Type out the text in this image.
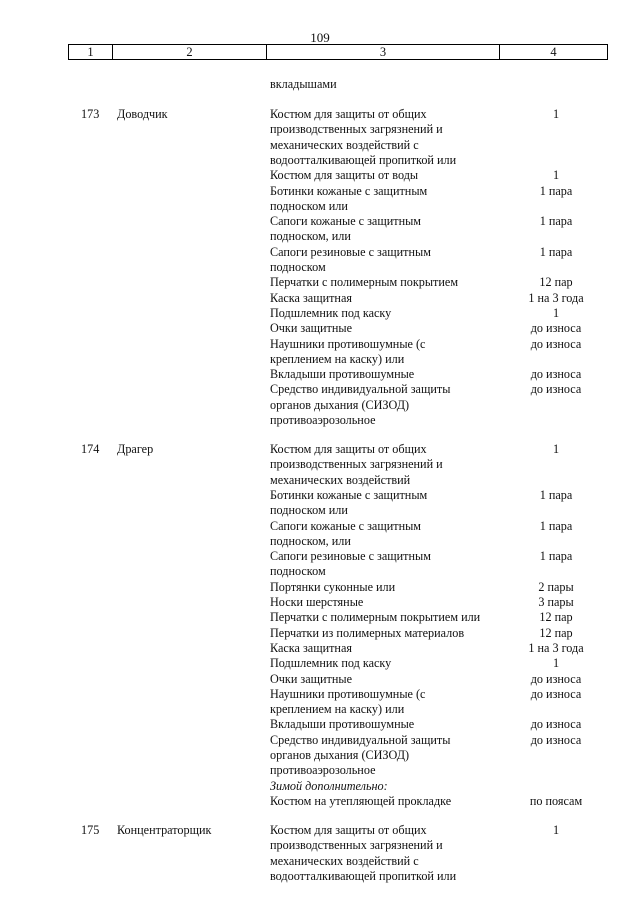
109
1	2	3	4
вкладышами
173 Доводчик	Костюм для защиты от общих	1
производственных загрязнений и
механических воздействий с
водоотталкивающей пропиткой или
Костюм для защиты от воды	1
Ботинки кожаные с защитным	1 пара
подноском или
Сапоги кожаные с защитным	1 пара
подноском, или
Сапоги резиновые с защитным	1 пара
подноском
Перчатки с полимерным покрытием	12 пар
Каска защитная	1 на 3 года
Подшлемник под каску	1
Очки защитные	до износа
Наушники противошумные (с	до износа
креплением на каску) или
Вкладыши противошумные	до износа
Средство индивидуальной защиты	до износа
органов дыхания (СИЗОД)
противоаэрозольное
174 Драгер	Костюм для защиты от общих	1
производственных загрязнений и
механических воздействий
Ботинки кожаные с защитным	1 пара
подноском или
Сапоги кожаные с защитным	1 пара
подноском, или
Сапоги резиновые с защитным	1 пара
подноском
Портянки суконные или	2 пары
Носки шерстяные	3 пары
Перчатки с полимерным покрытием или	12 пар
Перчатки из полимерных материалов	12 пар
Каска защитная	1 на 3 года
Подшлемник под каску	1
Очки защитные	до износа
Наушники противошумные (с	до износа
креплением на каску) или
Вкладыши противошумные	до износа
Средство индивидуальной защиты	до износа
органов дыхания (СИЗОД)
противоаэрозольное
Зимой дополнительно:
Костюм на утепляющей прокладке	по поясам
175 Концентраторщик	Костюм для защиты от общих	1
производственных загрязнений и
механических воздействий с
водоотталкивающей пропиткой или
